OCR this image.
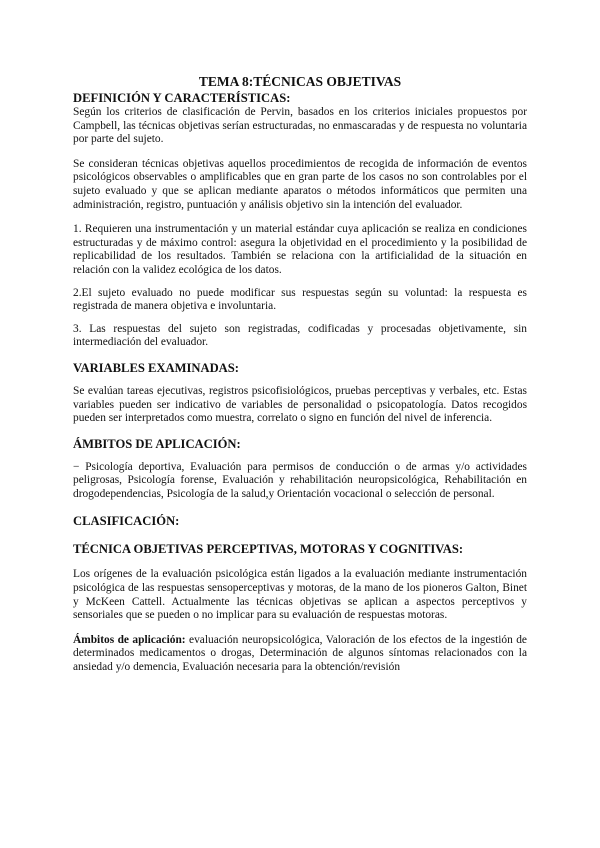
TEMA 8:TÉCNICAS OBJETIVAS
DEFINICIÓN Y CARACTERÍSTICAS:

Según los criterios de clasificación de Pervin, basados en los criterios iniciales propuestos por Campbell, las técnicas objetivas serían estructuradas, no enmascaradas y de respuesta no voluntaria por parte del sujeto.

Se consideran técnicas objetivas aquellos procedimientos de recogida de información de eventos psicológicos observables o amplificables que en gran parte de los casos no son controlables por el sujeto evaluado y que se aplican mediante aparatos o métodos informáticos que permiten una administración, registro, puntuación y análisis objetivo sin la intención del evaluador.

1. Requieren una instrumentación y un material estándar cuya aplicación se realiza en condiciones estructuradas y de máximo control: asegura la objetividad en el procedimiento y la posibilidad de replicabilidad de los resultados. También se relaciona con la artificialidad de la situación en relación con la validez ecológica de los datos.

2.El sujeto evaluado no puede modificar sus respuestas según su voluntad: la respuesta es registrada de manera objetiva e involuntaria.

3. Las respuestas del sujeto son registradas, codificadas y procesadas objetivamente, sin intermediación del evaluador.

VARIABLES EXAMINADAS:

Se evalúan tareas ejecutivas, registros psicofisiológicos, pruebas perceptivas y verbales, etc. Estas variables pueden ser indicativo de variables de personalidad o psicopatología. Datos recogidos pueden ser interpretados como muestra, correlato o signo en función del nivel de inferencia.

ÁMBITOS DE APLICACIÓN:

− Psicología deportiva, Evaluación para permisos de conducción o de armas y/o actividades peligrosas, Psicología forense, Evaluación y rehabilitación neuropsicológica, Rehabilitación en drogodependencias, Psicología de la salud,y Orientación vocacional o selección de personal.

CLASIFICACIÓN:
TÉCNICA OBJETIVAS PERCEPTIVAS, MOTORAS Y COGNITIVAS:

Los orígenes de la evaluación psicológica están ligados a la evaluación mediante instrumentación psicológica de las respuestas sensoperceptivas y motoras, de la mano de los pioneros Galton, Binet y McKeen Cattell. Actualmente las técnicas objetivas se aplican a aspectos perceptivos y sensoriales que se pueden o no implicar para su evaluación de respuestas motoras.

Ámbitos de aplicación: evaluación neuropsicológica, Valoración de los efectos de la ingestión de determinados medicamentos o drogas, Determinación de algunos síntomas relacionados con la ansiedad y/o demencia, Evaluación necesaria para la obtención/revisión
